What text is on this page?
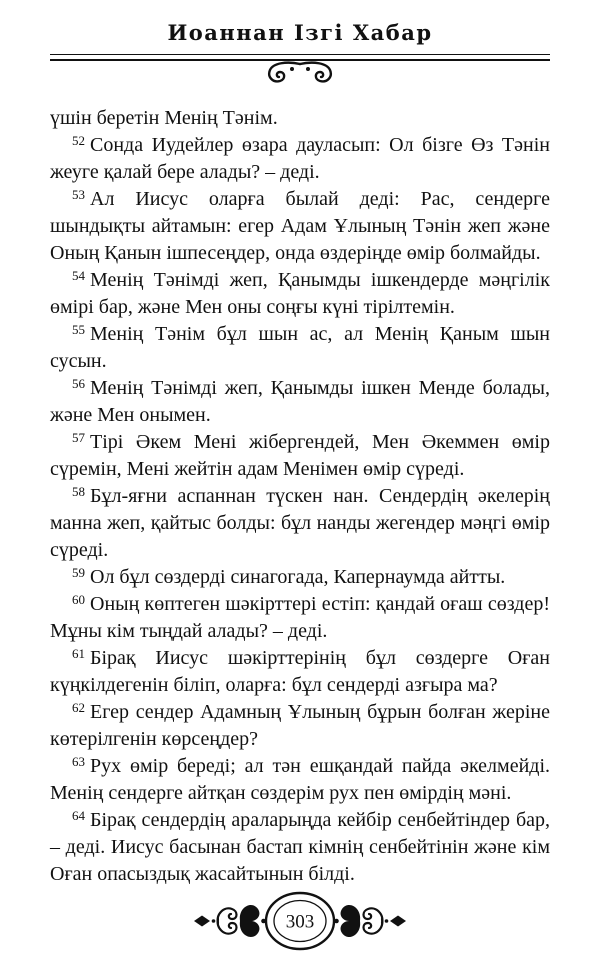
Иоаннан Ізгі Хабар

үшін беретін Менің Тәнім.

$^{52}$ Сонда Иудейлер өзара дауласып: Ол бізге Өз Тәнін жеуге қалай бере алады? – деді.

$^{53}$ Ал Иисус оларға былай деді: Рас, сендерге шындықты айтамын: егер Адам Ұлының Тәнін жеп және Оның Қанын ішпесеңдер, онда өздеріңде өмір болмайды.

$^{54}$ Менің Тәнімді жеп, Қанымды ішкендерде мәңгілік өмірі бар, және Мен оны соңғы күні тірілтемін.

$^{55}$ Менің Тәнім бұл шын ас, ал Менің Қаным шын сусын.

$^{56}$ Менің Тәнімді жеп, Қанымды ішкен Менде болады, және Мен онымен.

$^{57}$ Тірі Әкем Мені жібергендей, Мен Әкеммен өмір сүремін, Мені жейтін адам Менімен өмір сүреді.

$^{58}$ Бұл-яғни аспаннан түскен нан. Сендердің әкелерің манна жеп, қайтыс болды: бұл нанды жегендер мәңгі өмір сүреді.

$^{59}$ Ол бұл сөздерді синагогада, Капернаумда айтты.

$^{60}$ Оның көптеген шәкірттері естіп: қандай оғаш сөздер! Мұны кім тыңдай алады? – деді.

$^{61}$ Бірақ Иисус шәкірттерінің бұл сөздерге Оған күңкілдегенін біліп, оларға: бұл сендерді азғыра ма?

$^{62}$ Егер сендер Адамның Ұлының бұрын болған жеріне көтерілгенін көрсеңдер?

$^{63}$ Рух өмір береді; ал тән ешқандай пайда әкелмейді. Менің сендерге айтқан сөздерім рух пен өмірдің мәні.

$^{64}$ Бірақ сендердің араларыңда кейбір сенбейтіндер бар, – деді. Иисус басынан бастап кімнің сенбейтінін және кім Оған опасыздық жасайтынын білді.

303
